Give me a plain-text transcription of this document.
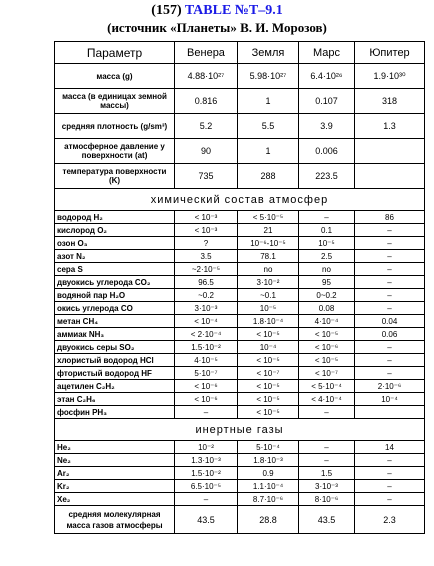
(157) TABLE №T–9.1
(источник «Планеты» В. И. Морозов)
Параметр	Венера	Земля	Марс	Юпитер
масса (g)	4.88·10²⁷	5.98·10²⁷	6.4·10²⁶	1.9·10³⁰
масса (в единицах земной массы)	0.816	1	0.107	318
средняя плотность (g/sm³)	5.2	5.5	3.9	1.3
атмосферное давление у поверхности (at)	90	1	0.006	
температура поверхности (K)	735	288	223.5	
химический состав атмосфер				
водород H₂	< 10⁻³	< 5·10⁻⁵	–	86
кислород O₂	< 10⁻³	21	0.1	–
озон O₃	?	10⁻⁶-10⁻⁵	10⁻⁵	–
азот N₂	3.5	78.1	2.5	–
сера S	~2·10⁻⁵	no	no	–
двуокись углерода CO₂	96.5	3·10⁻²	95	–
водяной пар H₂O	~0.2	~0.1	0~0.2	–
окись углерода CO	3·10⁻³	10⁻⁵	0.08	–
метан CH₄	< 10⁻⁴	1.8·10⁻⁴	4·10⁻⁴	0.04
аммиак NH₃	< 2·10⁻⁴	< 10⁻⁵	< 10⁻⁵	0.06
двуокись серы SO₂	1.5·10⁻²	10⁻⁴	< 10⁻⁶	–
хлористый водород HCl	4·10⁻⁵	< 10⁻⁵	< 10⁻⁵	–
фтористый водород HF	5·10⁻⁷	< 10⁻⁷	< 10⁻⁷	–
ацетилен C₂H₂	< 10⁻⁶	< 10⁻⁵	< 5·10⁻⁴	2·10⁻⁶
этан C₂H₆	< 10⁻⁶	< 10⁻⁵	< 4·10⁻⁴	10⁻⁴
фосфин PH₃	–	< 10⁻⁵	–	
инертные газы				
He₂	10⁻²	5·10⁻⁴	–	14
Ne₂	1.3·10⁻³	1.8·10⁻³	–	–
Ar₂	1.5·10⁻²	0.9	1.5	–
Kr₂	6.5·10⁻⁵	1.1·10⁻⁴	3·10⁻³	–
Xe₂	–	8.7·10⁻⁶	8·10⁻⁶	–
средняя молекулярная масса газов атмосферы	43.5	28.8	43.5	2.3
